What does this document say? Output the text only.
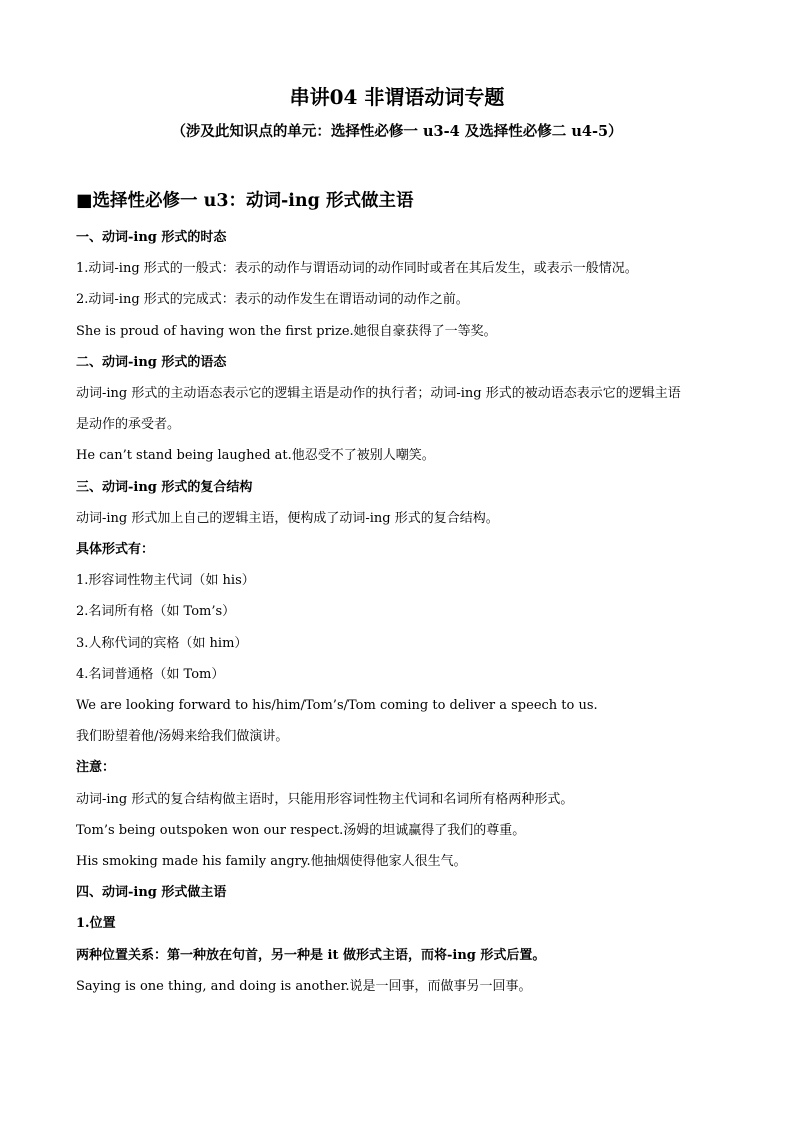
串讲04 非谓语动词专题
（涉及此知识点的单元：选择性必修一 u3-4 及选择性必修二 u4-5）
■选择性必修一 u3：动词-ing 形式做主语
一、动词-ing 形式的时态
1.动词-ing 形式的一般式：表示的动作与谓语动词的动作同时或者在其后发生，或表示一般情况。
2.动词-ing 形式的完成式：表示的动作发生在谓语动词的动作之前。
She is proud of having won the first prize.她很自豪获得了一等奖。
二、动词-ing 形式的语态
动词-ing 形式的主动语态表示它的逻辑主语是动作的执行者；动词-ing 形式的被动语态表示它的逻辑主语
是动作的承受者。
He can’t stand being laughed at.他忍受不了被别人嘲笑。
三、动词-ing 形式的复合结构
动词-ing 形式加上自己的逻辑主语，便构成了动词-ing 形式的复合结构。
具体形式有：
1.形容词性物主代词（如 his）
2.名词所有格（如 Tom’s）
3.人称代词的宾格（如 him）
4.名词普通格（如 Tom）
We are looking forward to his/him/Tom’s/Tom coming to deliver a speech to us.
我们盼望着他/汤姆来给我们做演讲。
注意：
动词-ing 形式的复合结构做主语时，只能用形容词性物主代词和名词所有格两种形式。
Tom’s being outspoken won our respect.汤姆的坦诚赢得了我们的尊重。
His smoking made his family angry.他抽烟使得他家人很生气。
四、动词-ing 形式做主语
1.位置
两种位置关系：第一种放在句首，另一种是 it 做形式主语，而将-ing 形式后置。
Saying is one thing, and doing is another.说是一回事，而做事另一回事。
